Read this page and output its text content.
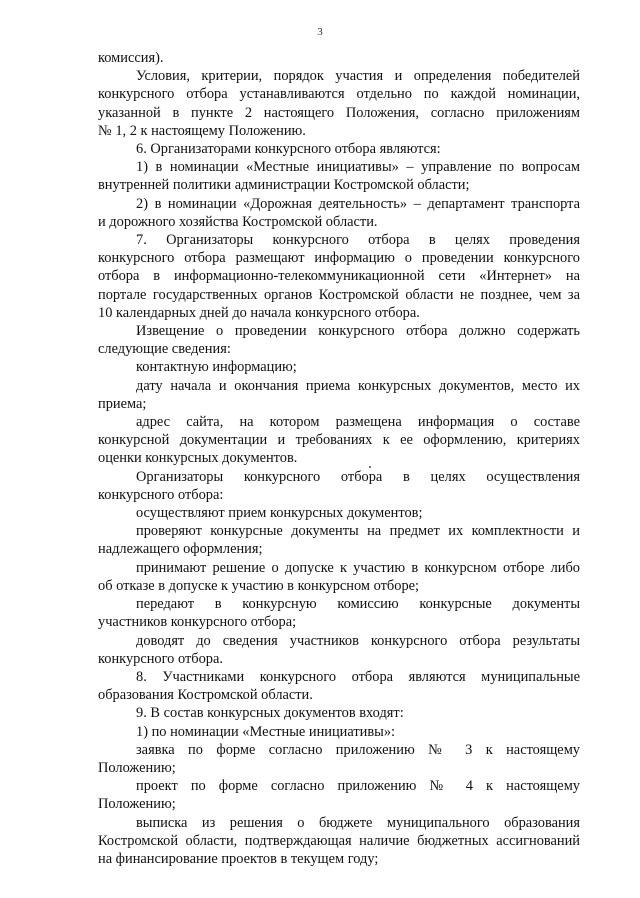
3

комиссия).

Условия, критерии, порядок участия и определения победителей
конкурсного отбора устанавливаются отдельно по каждой номинации,
указанной в пункте 2 настоящего Положения, согласно приложениям
№ 1, 2 к настоящему Положению.

6. Организаторами конкурсного отбора являются:

1) в номинации «Местные инициативы» – управление по вопросам
внутренней политики администрации Костромской области;

2) в номинации «Дорожная деятельность» – департамент транспорта
и дорожного хозяйства Костромской области.

7. Организаторы конкурсного отбора в целях проведения
конкурсного отбора размещают информацию о проведении конкурсного
отбора в информационно-телекоммуникационной сети «Интернет» на
портале государственных органов Костромской области не позднее, чем за
10 календарных дней до начала конкурсного отбора.

Извещение о проведении конкурсного отбора должно содержать
следующие сведения:

контактную информацию;

дату начала и окончания приема конкурсных документов, место их
приема;

адрес сайта, на котором размещена информация о составе
конкурсной документации и требованиях к ее оформлению, критериях
оценки конкурсных документов.

Организаторы конкурсного отбора в целях осуществления
конкурсного отбора:

осуществляют прием конкурсных документов;

проверяют конкурсные документы на предмет их комплектности и
надлежащего оформления;

принимают решение о допуске к участию в конкурсном отборе либо
об отказе в допуске к участию в конкурсном отборе;

передают в конкурсную комиссию конкурсные документы
участников конкурсного отбора;

доводят до сведения участников конкурсного отбора результаты
конкурсного отбора.

8. Участниками конкурсного отбора являются муниципальные
образования Костромской области.

9. В состав конкурсных документов входят:

1) по номинации «Местные инициативы»:

заявка по форме согласно приложению № 3 к настоящему
Положению;

проект по форме согласно приложению № 4 к настоящему
Положению;

выписка из решения о бюджете муниципального образования
Костромской области, подтверждающая наличие бюджетных ассигнований
на финансирование проектов в текущем году;
